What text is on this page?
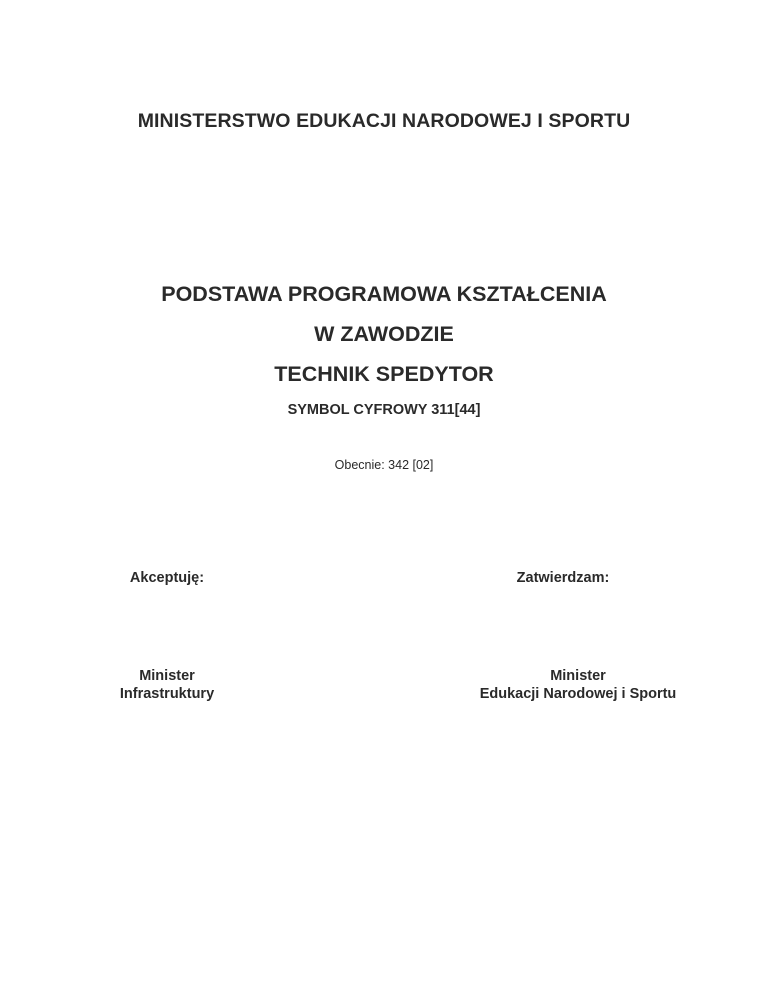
MINISTERSTWO EDUKACJI NARODOWEJ I SPORTU
PODSTAWA PROGRAMOWA KSZTAŁCENIA
W ZAWODZIE
TECHNIK SPEDYTOR
SYMBOL CYFROWY 311[44]
Obecnie: 342 [02]
Akceptuję:	Zatwierdzam:
Minister
Infrastruktury
Minister
Edukacji Narodowej i Sportu
